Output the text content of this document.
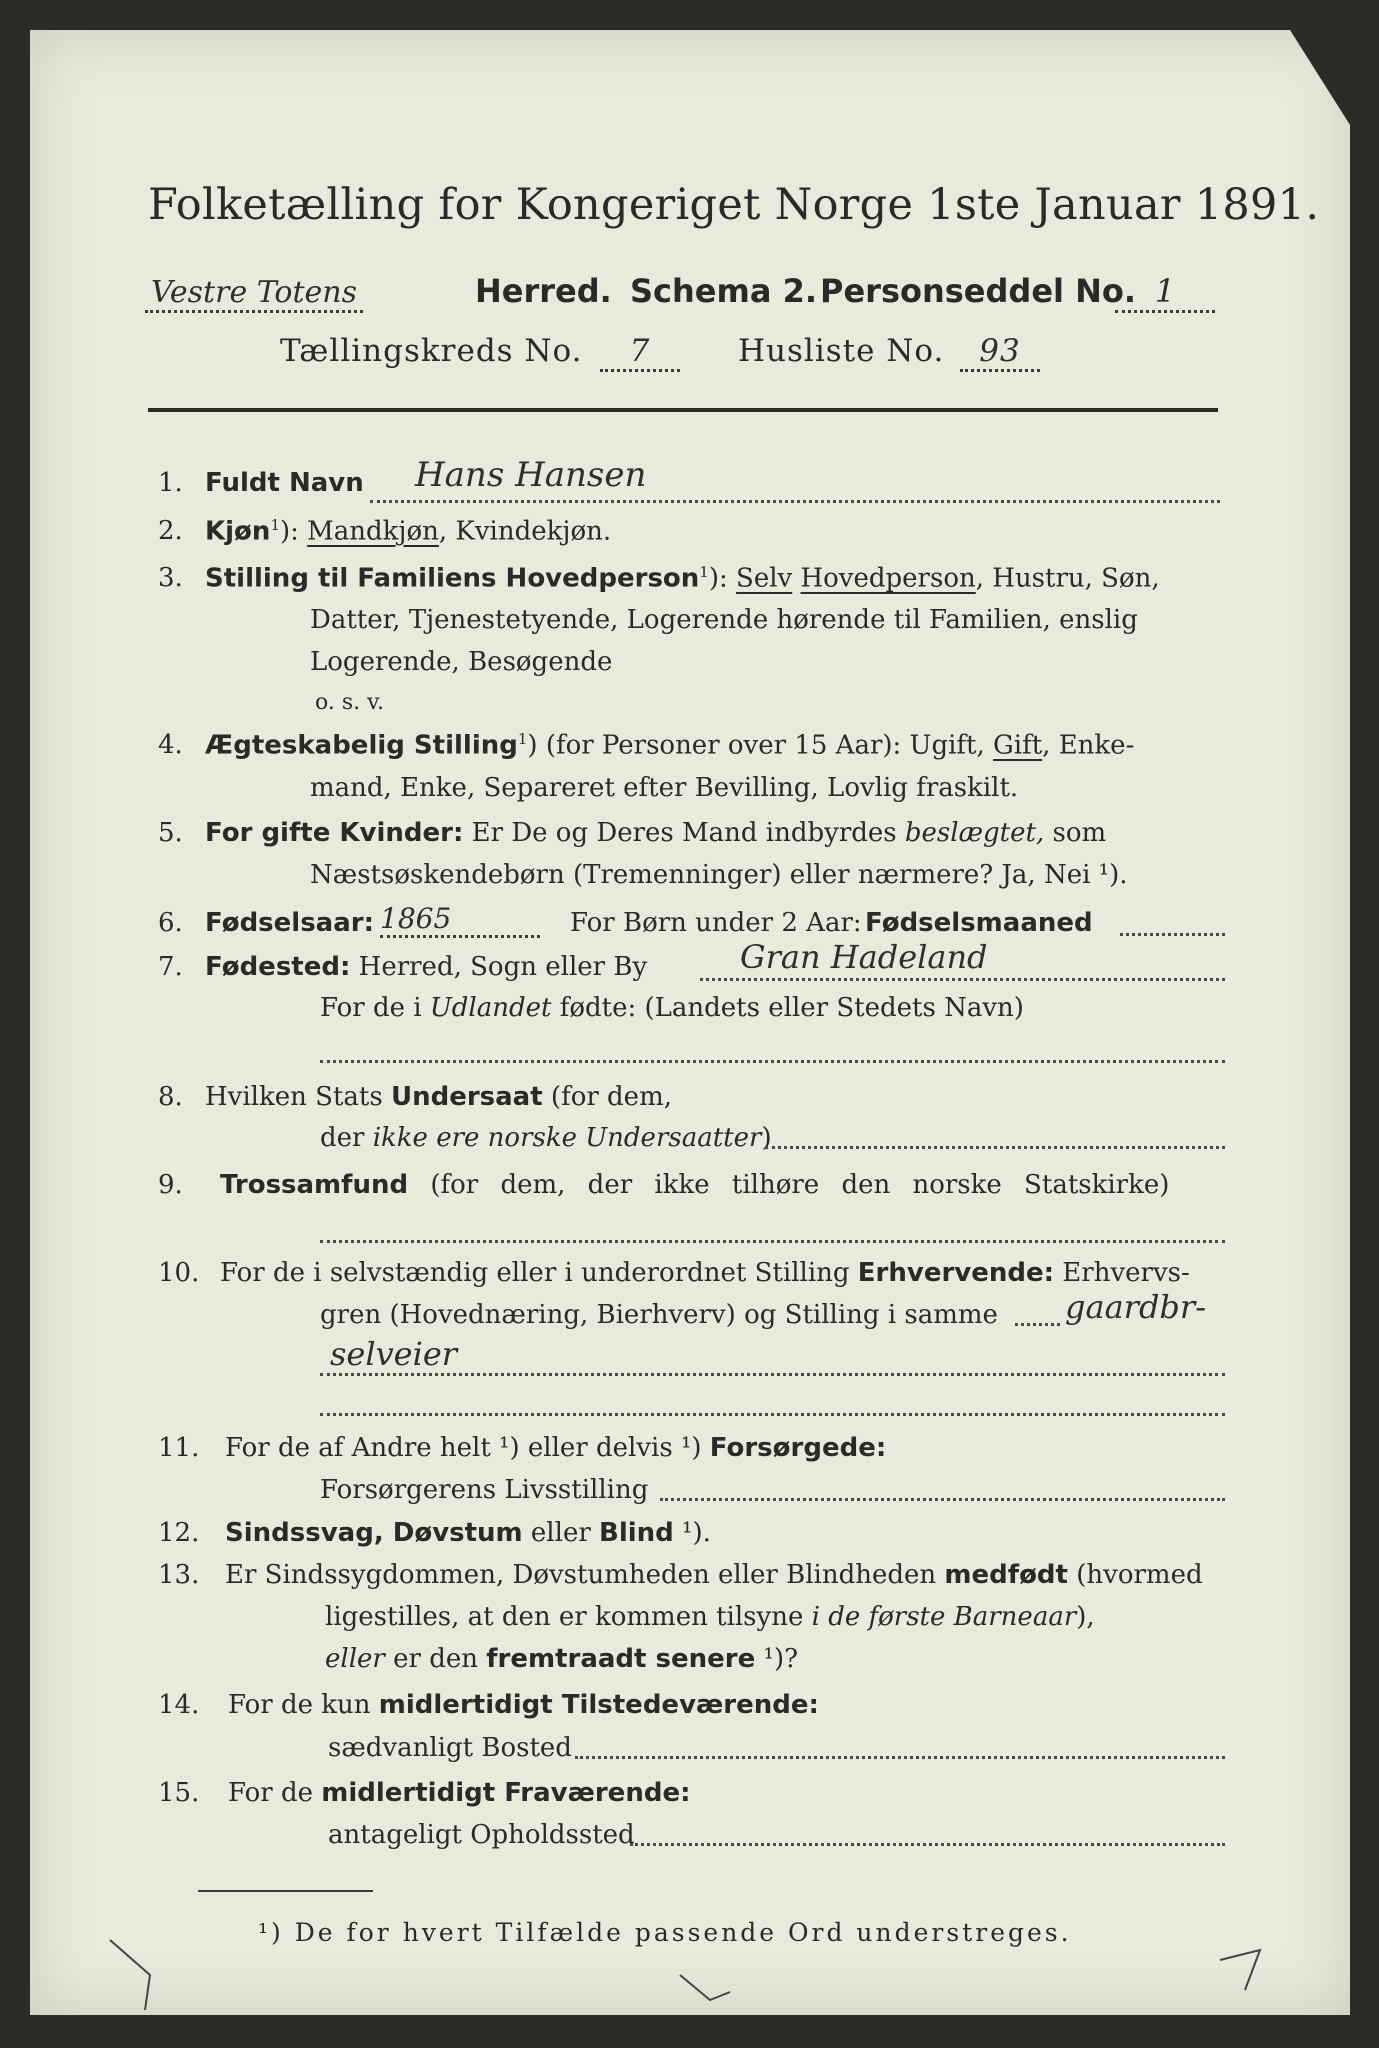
Folketælling for Kongeriget Norge 1ste Januar 1891.
Vestre Totens	Herred. Schema 2. Personseddel No. 1
Tællingskreds No.	7	Husliste No.	93
1. Fuldt Navn Hans Hansen
2. Kjøn$^1$): Mandkjøn, Kvindekjøn.
3. Stilling til Familiens Hovedperson$^1$): Selv Hovedperson, Hustru, Søn,
Datter, Tjenestetyende, Logerende hørende til Familien, enslig
Logerende, Besøgende
o. s. v.
4. Ægteskabelig Stilling$^1$) (for Personer over 15 Aar): Ugift, Gift, Enke-
mand, Enke, Separeret efter Bevilling, Lovlig fraskilt.
5. For gifte Kvinder: Er De og Deres Mand indbyrdes beslægtet, som
Næstsøskendebørn (Tremenninger) eller nærmere? Ja, Nei ¹).
6. Fødselsaar: 1865	For Børn under 2 Aar: Fødselsmaaned
7. Fødested: Herred, Sogn eller By	Gran Hadeland
For de i Udlandet fødte: (Landets eller Stedets Navn)
8. Hvilken Stats Undersaat (for dem,
der ikke ere norske Undersaatter)
9. Trossamfund (for dem, der ikke tilhøre den norske Statskirke)
10. For de i selvstændig eller i underordnet Stilling Erhvervende: Erhvervs-
gren (Hovednæring, Bierhverv) og Stilling i samme gaardbr-
selveier
11. For de af Andre helt ¹) eller delvis ¹) Forsørgede:
Forsørgerens Livsstilling
12. Sindssvag, Døvstum eller Blind ¹).
13. Er Sindssygdommen, Døvstumheden eller Blindheden medfødt (hvormed
ligestilles, at den er kommen tilsyne i de første Barneaar),
eller er den fremtraadt senere ¹)?
14. For de kun midlertidigt Tilstedeværende:
sædvanligt Bosted
15. For de midlertidigt Fraværende:
antageligt Opholdssted
¹) De for hvert Tilfælde passende Ord understreges.
